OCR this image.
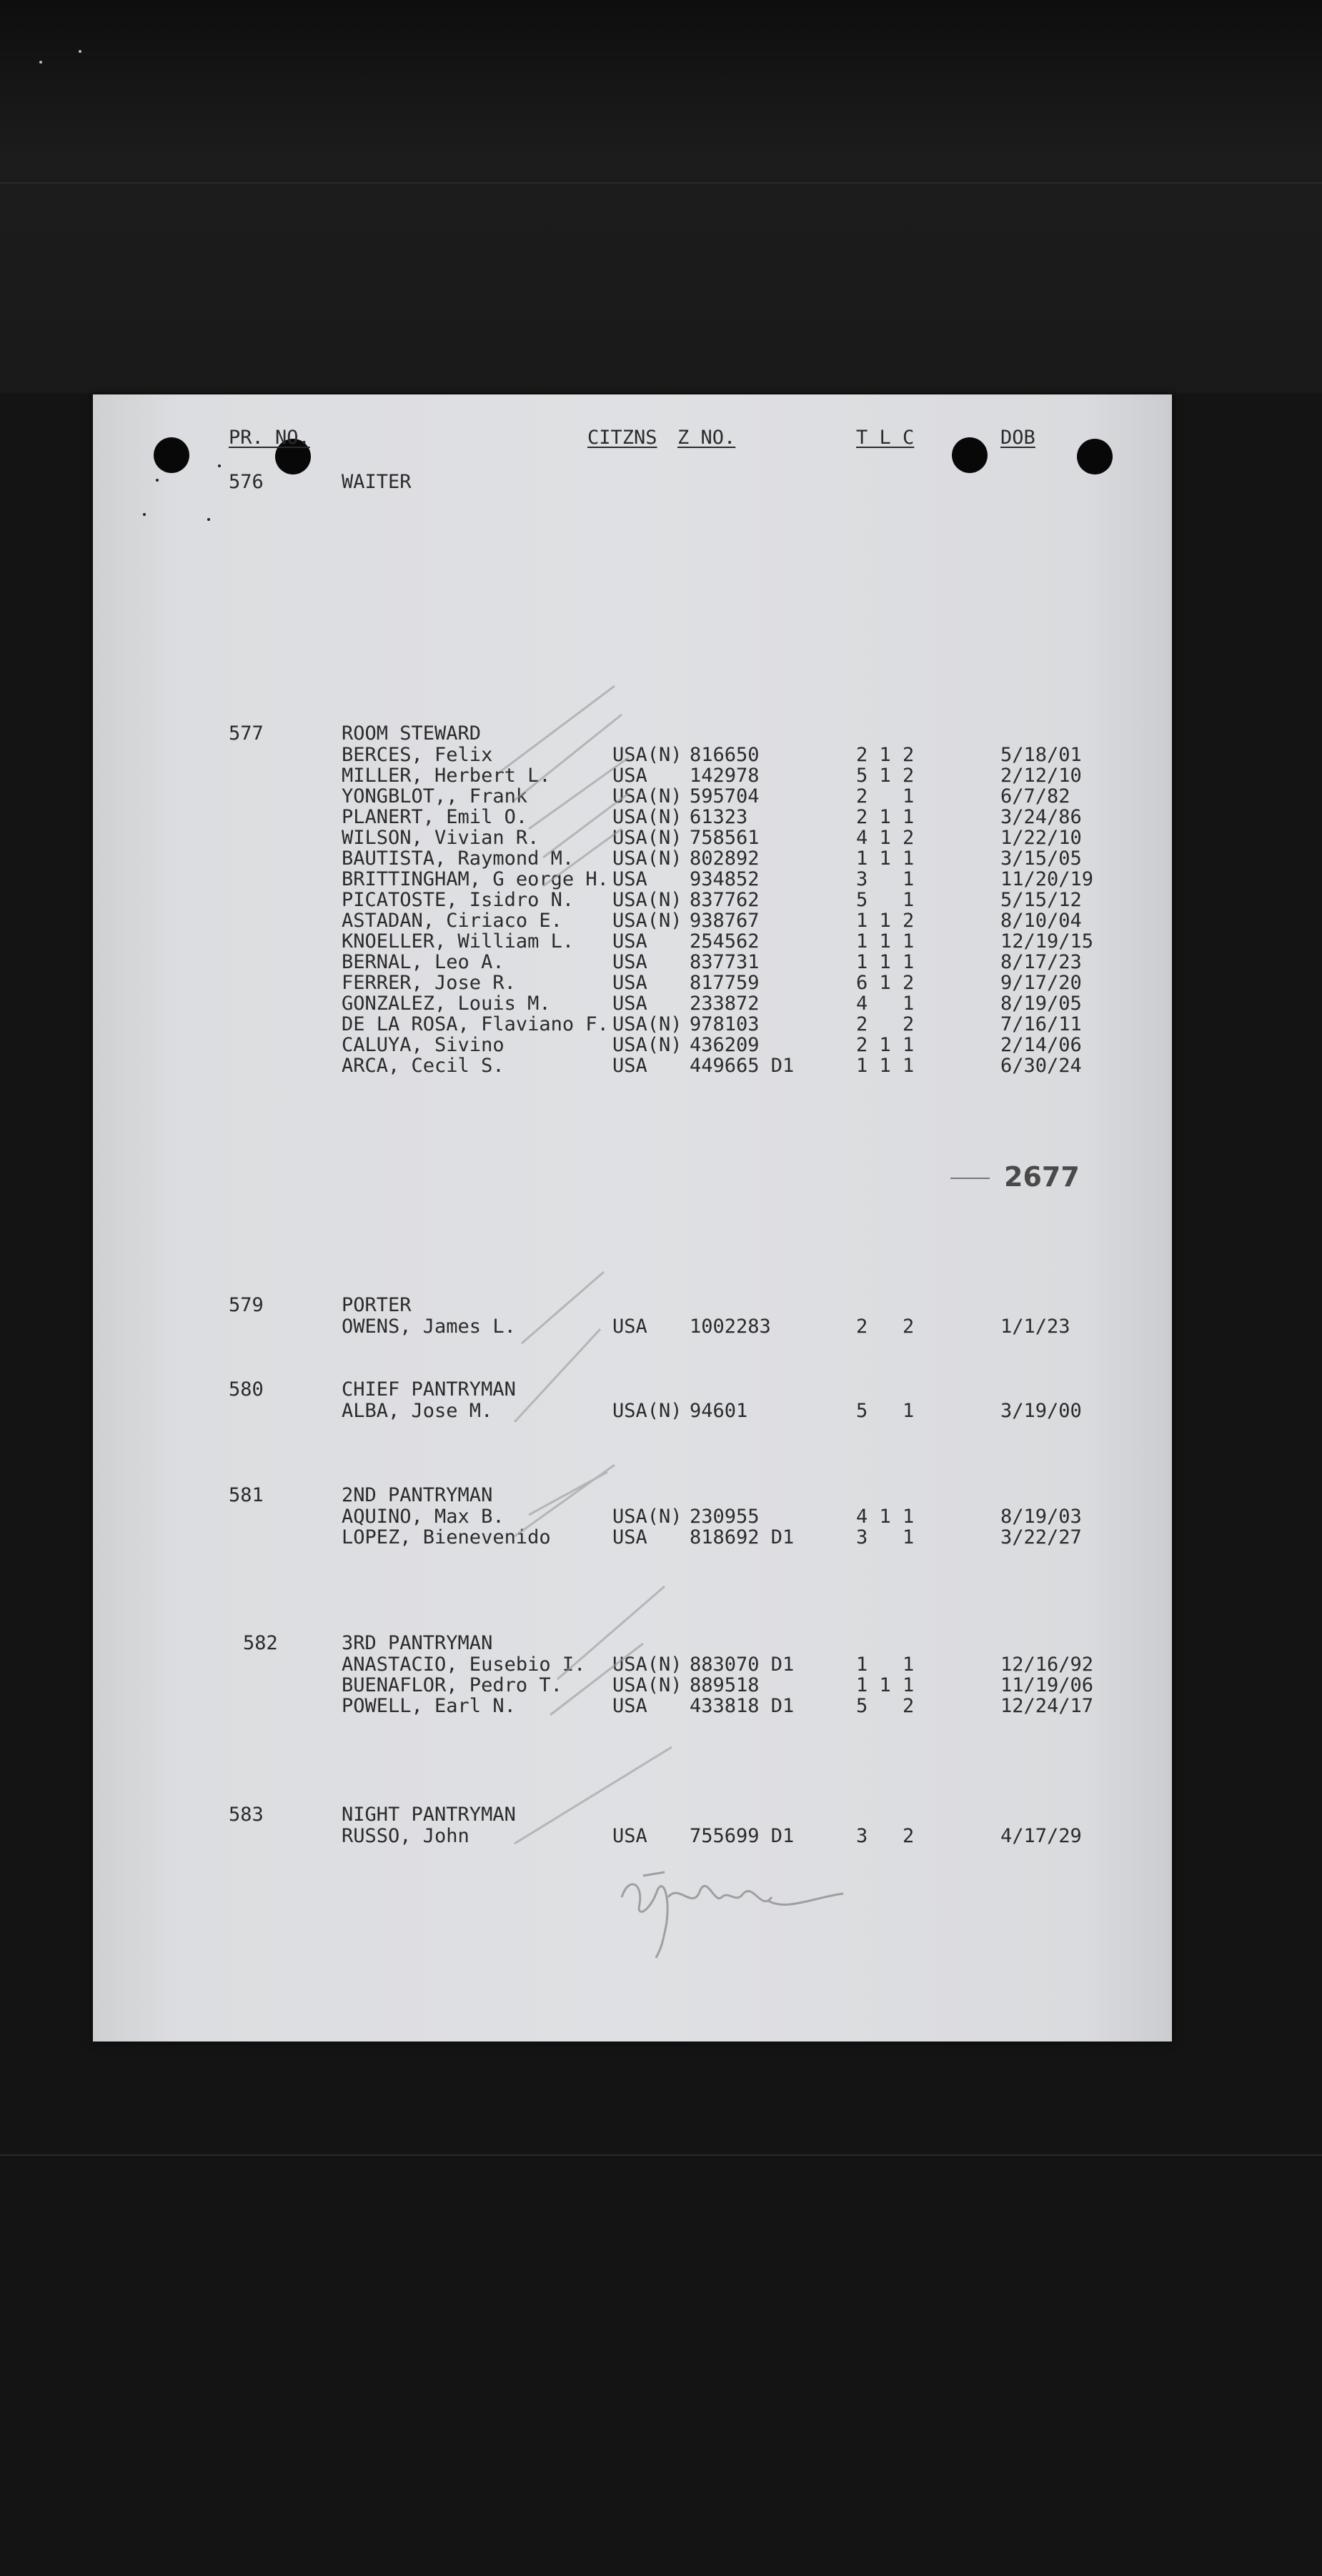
PR. NO.	CITZNS Z NO.	T L C	DOB
576	WAITER
577	ROOM STEWARD
BERCES, Felix	USA(N) 816650	2 1 2	5/18/01
MILLER, Herbert L.	USA 142978	5 1 2	2/12/10
YONGBLOT,, Frank	USA(N) 595704	2   1	6/7/82
PLANERT, Emil O.	USA(N) 61323	2 1 1	3/24/86
WILSON, Vivian R.	USA(N) 758561	4 1 2	1/22/10
BAUTISTA, Raymond M. USA(N) 802892	1 1 1	3/15/05
BRITTINGHAM, G eorge H. USA 934852	3   1	11/20/19
PICATOSTE, Isidro N. USA(N) 837762	5   1	5/15/12
ASTADAN, Ciriaco E.	USA(N) 938767	1 1 2	8/10/04
KNOELLER, William L. USA 254562	1 1 1	12/19/15
BERNAL, Leo A.	USA 837731	1 1 1	8/17/23
FERRER, Jose R.	USA 817759	6 1 2	9/17/20
GONZALEZ, Louis M.	USA 233872	4   1	8/19/05
DE LA ROSA, Flaviano F. USA(N) 978103	2   2	7/16/11
CALUYA, Sivino	USA(N) 436209	2 1 1	2/14/06
ARCA, Cecil S.	USA 449665 D1	1 1 1	6/30/24
2677
579	PORTER
OWENS, James L.	USA 1002283	2   2	1/1/23
580	CHIEF PANTRYMAN
ALBA, Jose M.	USA(N) 94601	5   1	3/19/00
581	2ND PANTRYMAN
AQUINO, Max B.	USA(N) 230955	4 1 1	8/19/03
LOPEZ, Bienevenido	USA 818692 D1	3   1	3/22/27
582	3RD PANTRYMAN
ANASTACIO, Eusebio I. USA(N) 883070 D1	1   1	12/16/92
BUENAFLOR, Pedro T.	USA(N) 889518	1 1 1	11/19/06
POWELL, Earl N.	USA 433818 D1	5   2	12/24/17
583	NIGHT PANTRYMAN
RUSSO, John	USA 755699 D1	3   2	4/17/29
